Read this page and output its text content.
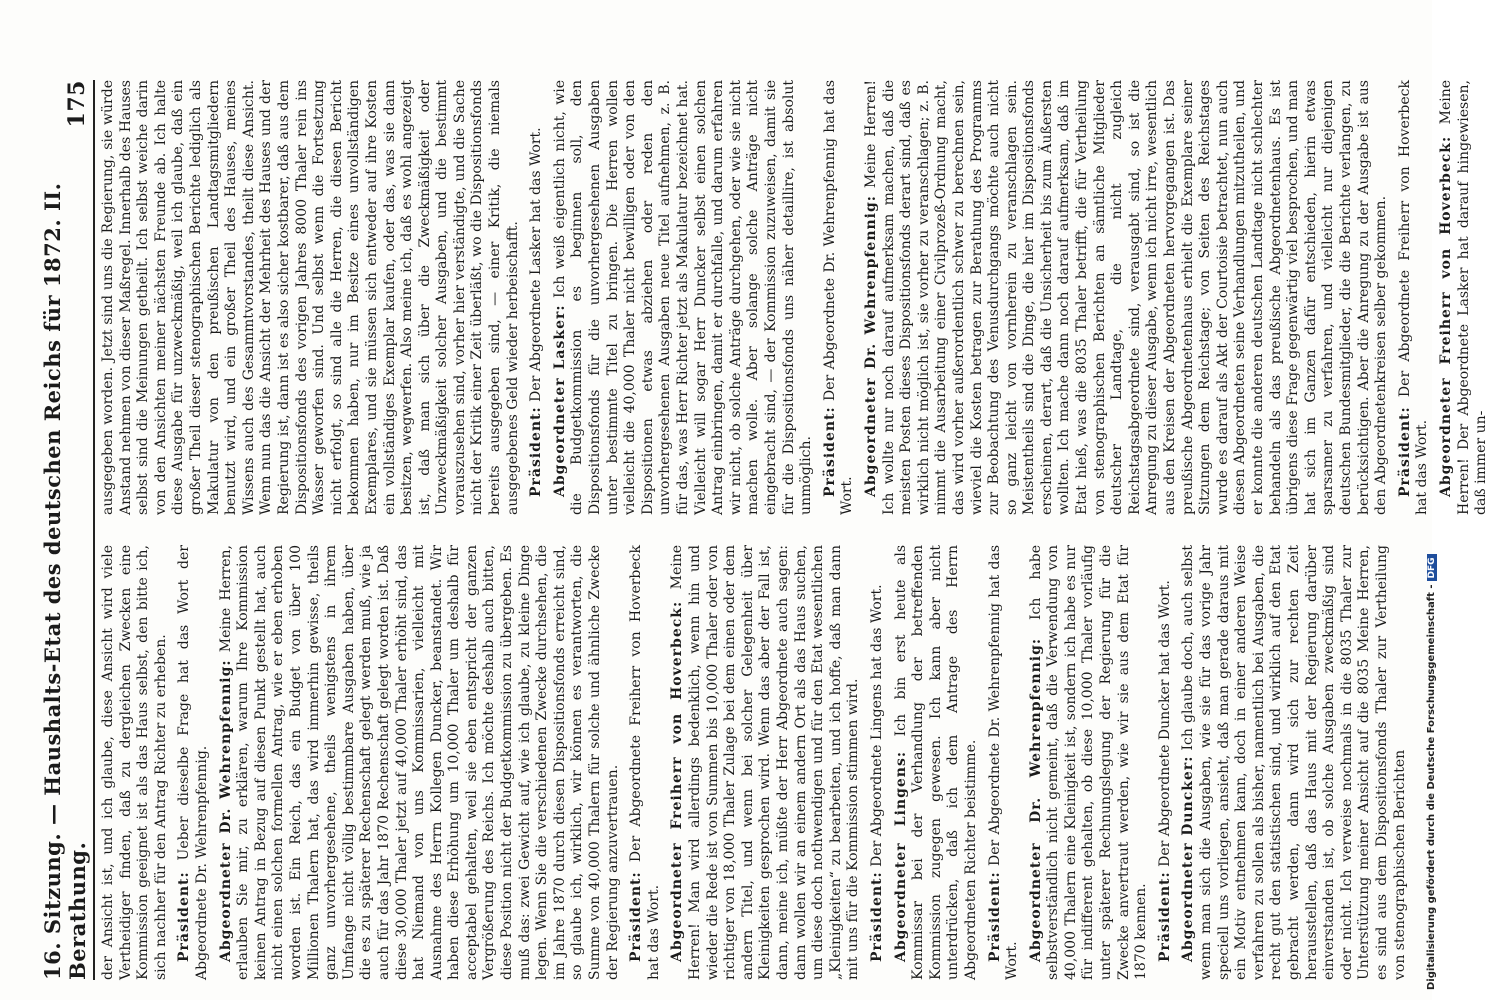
16. Sitzung. — Haushalts-Etat des deutschen Reichs für 1872. II. Berathung.
175

der Ansicht ist, und ich glaube, diese Ansicht wird viele Vertheidiger finden, daß zu dergleichen Zwecken eine Kommission geeignet ist als das Haus selbst, den bitte ich, sich nachher für den Antrag Richter zu erheben. Präsident: Ueber dieselbe Frage hat das Wort der Abgeordnete Dr. Wehrenpfennig. Abgeordneter Dr. Wehrenpfennig: Meine Herren, erlauben Sie mir, zu erklären, warum Ihre Kommission keinen Antrag in Bezug auf diesen Punkt gestellt hat, auch nicht einen solchen formellen Antrag, wie er eben erhoben worden ist. Ein Reich, das ein Budget von über 100 Millionen Thalern hat, das wird immerhin gewisse, theils ganz unvorhergesehene, theils wenigstens in ihrem Umfange nicht völlig bestimmbare Ausgaben haben, über die es zu späterer Rechenschaft gelegt werden muß, wie ja auch für das Jahr 1870 Rechenschaft gelegt worden ist. Daß diese 30,000 Thaler jetzt auf 40,000 Thaler erhöht sind, das hat Niemand von uns Kommissarien, vielleicht mit Ausnahme des Herrn Kollegen Duncker, beanstandet. Wir haben diese Erhöhung um 10,000 Thaler um deshalb für acceptabel gehalten, weil sie eben entspricht der ganzen Vergrößerung des Reichs. Ich möchte deshalb auch bitten, diese Position nicht der Budgetkommission zu übergeben. Es muß das: zwei Gewicht auf, wie ich glaube, zu kleine Dinge legen. Wenn Sie die verschiedenen Zwecke durchsehen, die im Jahre 1870 durch diesen Dispositionsfonds erreicht sind, so glaube ich, wirklich, wir können es verantworten, die Summe von 40,000 Thalern für solche und ähnliche Zwecke der Regierung anzuvertrauen. Präsident: Der Abgeordnete Freiherr von Hoverbeck hat das Wort. Abgeordneter Freiherr von Hoverbeck: Meine Herren! Man wird allerdings bedenklich, wenn hin und wieder die Rede ist von Summen bis 10,000 Thaler oder von richtiger von 18,000 Thaler Zulage bei dem einen oder dem andern Titel, und wenn bei solcher Gelegenheit über Kleinigkeiten gesprochen wird. Wenn das aber der Fall ist, dann, meine ich, müßte der Herr Abgeordnete auch sagen: dann wollen wir an einem andern Ort als das Haus suchen, um diese doch nothwendigen und für den Etat wesentlichen „Kleinigkeiten“ zu bearbeiten, und ich hoffe, daß man dann mit uns für die Kommission stimmen wird. Präsident: Der Abgeordnete Lingens hat das Wort. Abgeordneter Lingens: Ich bin erst heute als Kommissar bei der Verhandlung der betreffenden Kommission zugegen gewesen. Ich kann aber nicht unterdrücken, daß ich dem Antrage des Herrn Abgeordneten Richter beistimme. Präsident: Der Abgeordnete Dr. Wehrenpfennig hat das Wort. Abgeordneter Dr. Wehrenpfennig: Ich habe selbstverständlich nicht gemeint, daß die Verwendung von 40,000 Thalern eine Kleinigkeit ist, sondern ich habe es nur für indifferent gehalten, ob diese 10,000 Thaler vorläufig unter späterer Rechnungslegung der Regierung für die Zwecke anvertraut werden, wie wir sie aus dem Etat für 1870 kennen. Präsident: Der Abgeordnete Duncker hat das Wort. Abgeordneter Duncker: Ich glaube doch, auch selbst wenn man sich die Ausgaben, wie sie für das vorige Jahr speciell uns vorliegen, ansieht, daß man gerade daraus mit ein Motiv entnehmen kann, doch in einer anderen Weise verfahren zu sollen als bisher, namentlich bei Ausgaben, die recht gut den statistischen sind, und wirklich auf den Etat gebracht werden, dann wird sich zur rechten Zeit herausstellen, daß das Haus mit der Regierung darüber einverstanden ist, ob solche Ausgaben zweckmäßig sind oder nicht. Ich verweise nochmals in die 8035 Thaler zur Unterstützung meiner Ansicht auf die 8035 Meine Herren, es sind aus dem Dispositionsfonds Thaler zur Vertheilung von stenographischen Berichten

ausgegeben worden. Jetzt sind uns die Regierung, sie würde Anstand nehmen von dieser Maßregel. Innerhalb des Hauses selbst sind die Meinungen getheilt. Ich selbst weiche darin von den Ansichten meiner nächsten Freunde ab. Ich halte diese Ausgabe für unzweckmäßig, weil ich glaube, daß ein großer Theil dieser stenographischen Berichte lediglich als Makulatur von den preußischen Landtagsmitgliedern benutzt wird, und ein großer Theil des Hauses, meines Wissens auch des Gesammtvorstandes, theilt diese Ansicht. Wenn nun das die Ansicht der Mehrheit des Hauses und der Regierung ist, dann ist es also sicher kostbarer, daß aus dem Dispositionsfonds des vorigen Jahres 8000 Thaler rein ins Wasser geworfen sind. Und selbst wenn die Fortsetzung nicht erfolgt, so sind alle die Herren, die diesen Bericht bekommen haben, nur im Besitze eines unvollständigen Exemplares, und sie müssen sich entweder auf ihre Kosten ein vollständiges Exemplar kaufen, oder das, was sie dann besitzen, wegwerfen. Also meine ich, daß es wohl angezeigt ist, daß man sich über die Zweckmäßigkeit oder Unzweckmäßigkeit solcher Ausgaben, und die bestimmt vorauszusehen sind, vorher hier verständigte, und die Sache nicht der Kritik einer Zeit überläßt, wo die Dispositionsfonds bereits ausgegeben sind, — einer Kritik, die niemals ausgegebenes Geld wieder herbeischafft. Präsident: Der Abgeordnete Lasker hat das Wort. Abgeordneter Lasker: Ich weiß eigentlich nicht, wie die Budgetkommission es beginnen soll, den Dispositionsfonds für die unvorhergesehenen Ausgaben unter bestimmte Titel zu bringen. Die Herren wollen vielleicht die 40,000 Thaler nicht bewilligen oder von den Dispositionen etwas abziehen oder reden den unvorhergesehenen Ausgaben neue Titel aufnehmen, z. B. für das, was Herr Richter jetzt als Makulatur bezeichnet hat. Vielleicht will sogar Herr Duncker selbst einen solchen Antrag einbringen, damit er durchfalle, und darum erfahren wir nicht, ob solche Anträge durchgehen, oder wie sie nicht machen wolle. Aber solange solche Anträge nicht eingebracht sind, — der Kommission zuzuweisen, damit sie für die Dispositionsfonds uns näher detaillire, ist absolut unmöglich. Präsident: Der Abgeordnete Dr. Wehrenpfennig hat das Wort. Abgeordneter Dr. Wehrenpfennig: Meine Herren! Ich wollte nur noch darauf aufmerksam machen, daß die meisten Posten dieses Dispositionsfonds derart sind, daß es wirklich nicht möglich ist, sie vorher zu veranschlagen; z. B. nimmt die Ausarbeitung einer Civilprozeß-Ordnung macht, das wird vorher außerordentlich schwer zu berechnen sein, wieviel die Kosten betragen zur Berathung des Programms zur Beobachtung des Venusdurchgangs möchte auch nicht so ganz leicht von vornherein zu veranschlagen sein. Meistentheils sind die Dinge, die hier im Dispositionsfonds erscheinen, derart, daß die Unsicherheit bis zum Äußersten wollten. Ich mache dann noch darauf aufmerksam, daß im Etat hieß, was die 8035 Thaler betrifft, die für Vertheilung von stenographischen Berichten an sämtliche Mitglieder deutscher Landtage, die nicht zugleich Reichstagsabgeordnete sind, verausgabt sind, so ist die Anregung zu dieser Ausgabe, wenn ich nicht irre, wesentlich aus den Kreisen der Abgeordneten hervorgegangen ist. Das preußische Abgeordnetenhaus erhielt die Exemplare seiner Sitzungen dem Reichstage; von Seiten des Reichstages wurde es darauf als Akt der Courtoisie betrachtet, nun auch diesen Abgeordneten seine Verhandlungen mitzutheilen, und er konnte die anderen deutschen Landtage nicht schlechter behandeln als das preußische Abgeordnetenhaus. Es ist übrigens diese Frage gegenwärtig viel besprochen, und man hat sich im Ganzen dafür entschieden, hierin etwas sparsamer zu verfahren, und vielleicht nur diejenigen deutschen Bundesmitglieder, die die Berichte verlangen, zu berücksichtigen. Aber die Anregung zu der Ausgabe ist aus den Abgeordnetenkreisen selber gekommen. Präsident: Der Abgeordnete Freiherr von Hoverbeck hat das Wort. Abgeordneter Freiherr von Hoverbeck: Meine Herren! Der Abgeordnete Lasker hat darauf hingewiesen, daß immer un-

Digitalisierung gefördert durch die Deutsche Forschungsgemeinschaft -DFG
